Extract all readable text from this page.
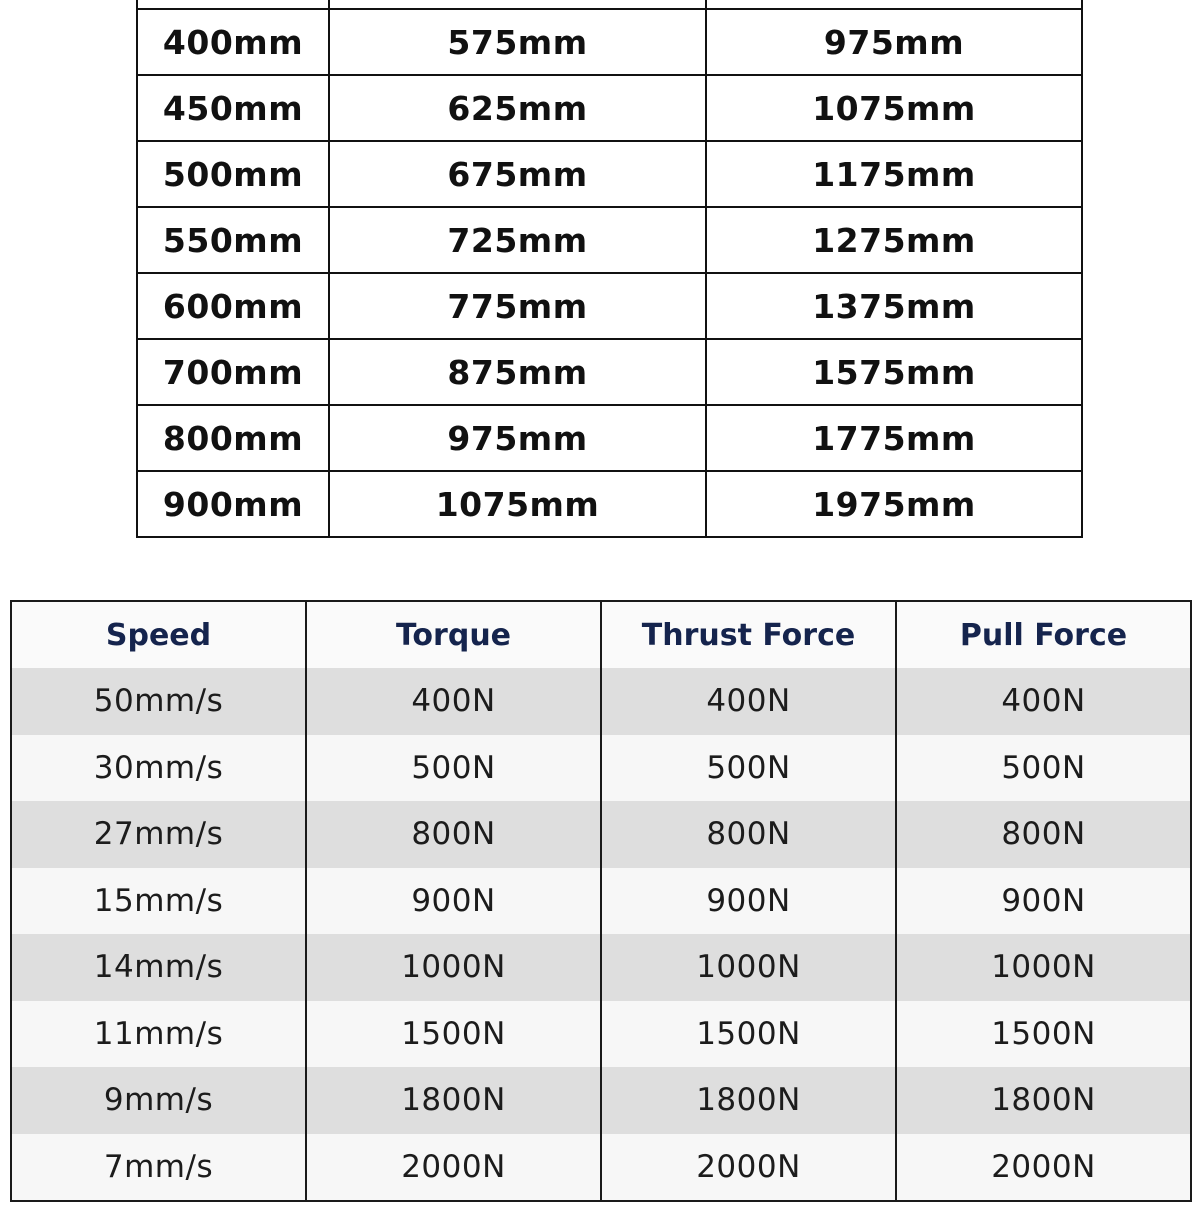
400mm	575mm	975mm
450mm	625mm	1075mm
500mm	675mm	1175mm
550mm	725mm	1275mm
600mm	775mm	1375mm
700mm	875mm	1575mm
800mm	975mm	1775mm
900mm	1075mm	1975mm
Speed	Torque	Thrust Force	Pull Force
50mm/s	400N	400N	400N
30mm/s	500N	500N	500N
27mm/s	800N	800N	800N
15mm/s	900N	900N	900N
14mm/s	1000N	1000N	1000N
11mm/s	1500N	1500N	1500N
9mm/s	1800N	1800N	1800N
7mm/s	2000N	2000N	2000N
